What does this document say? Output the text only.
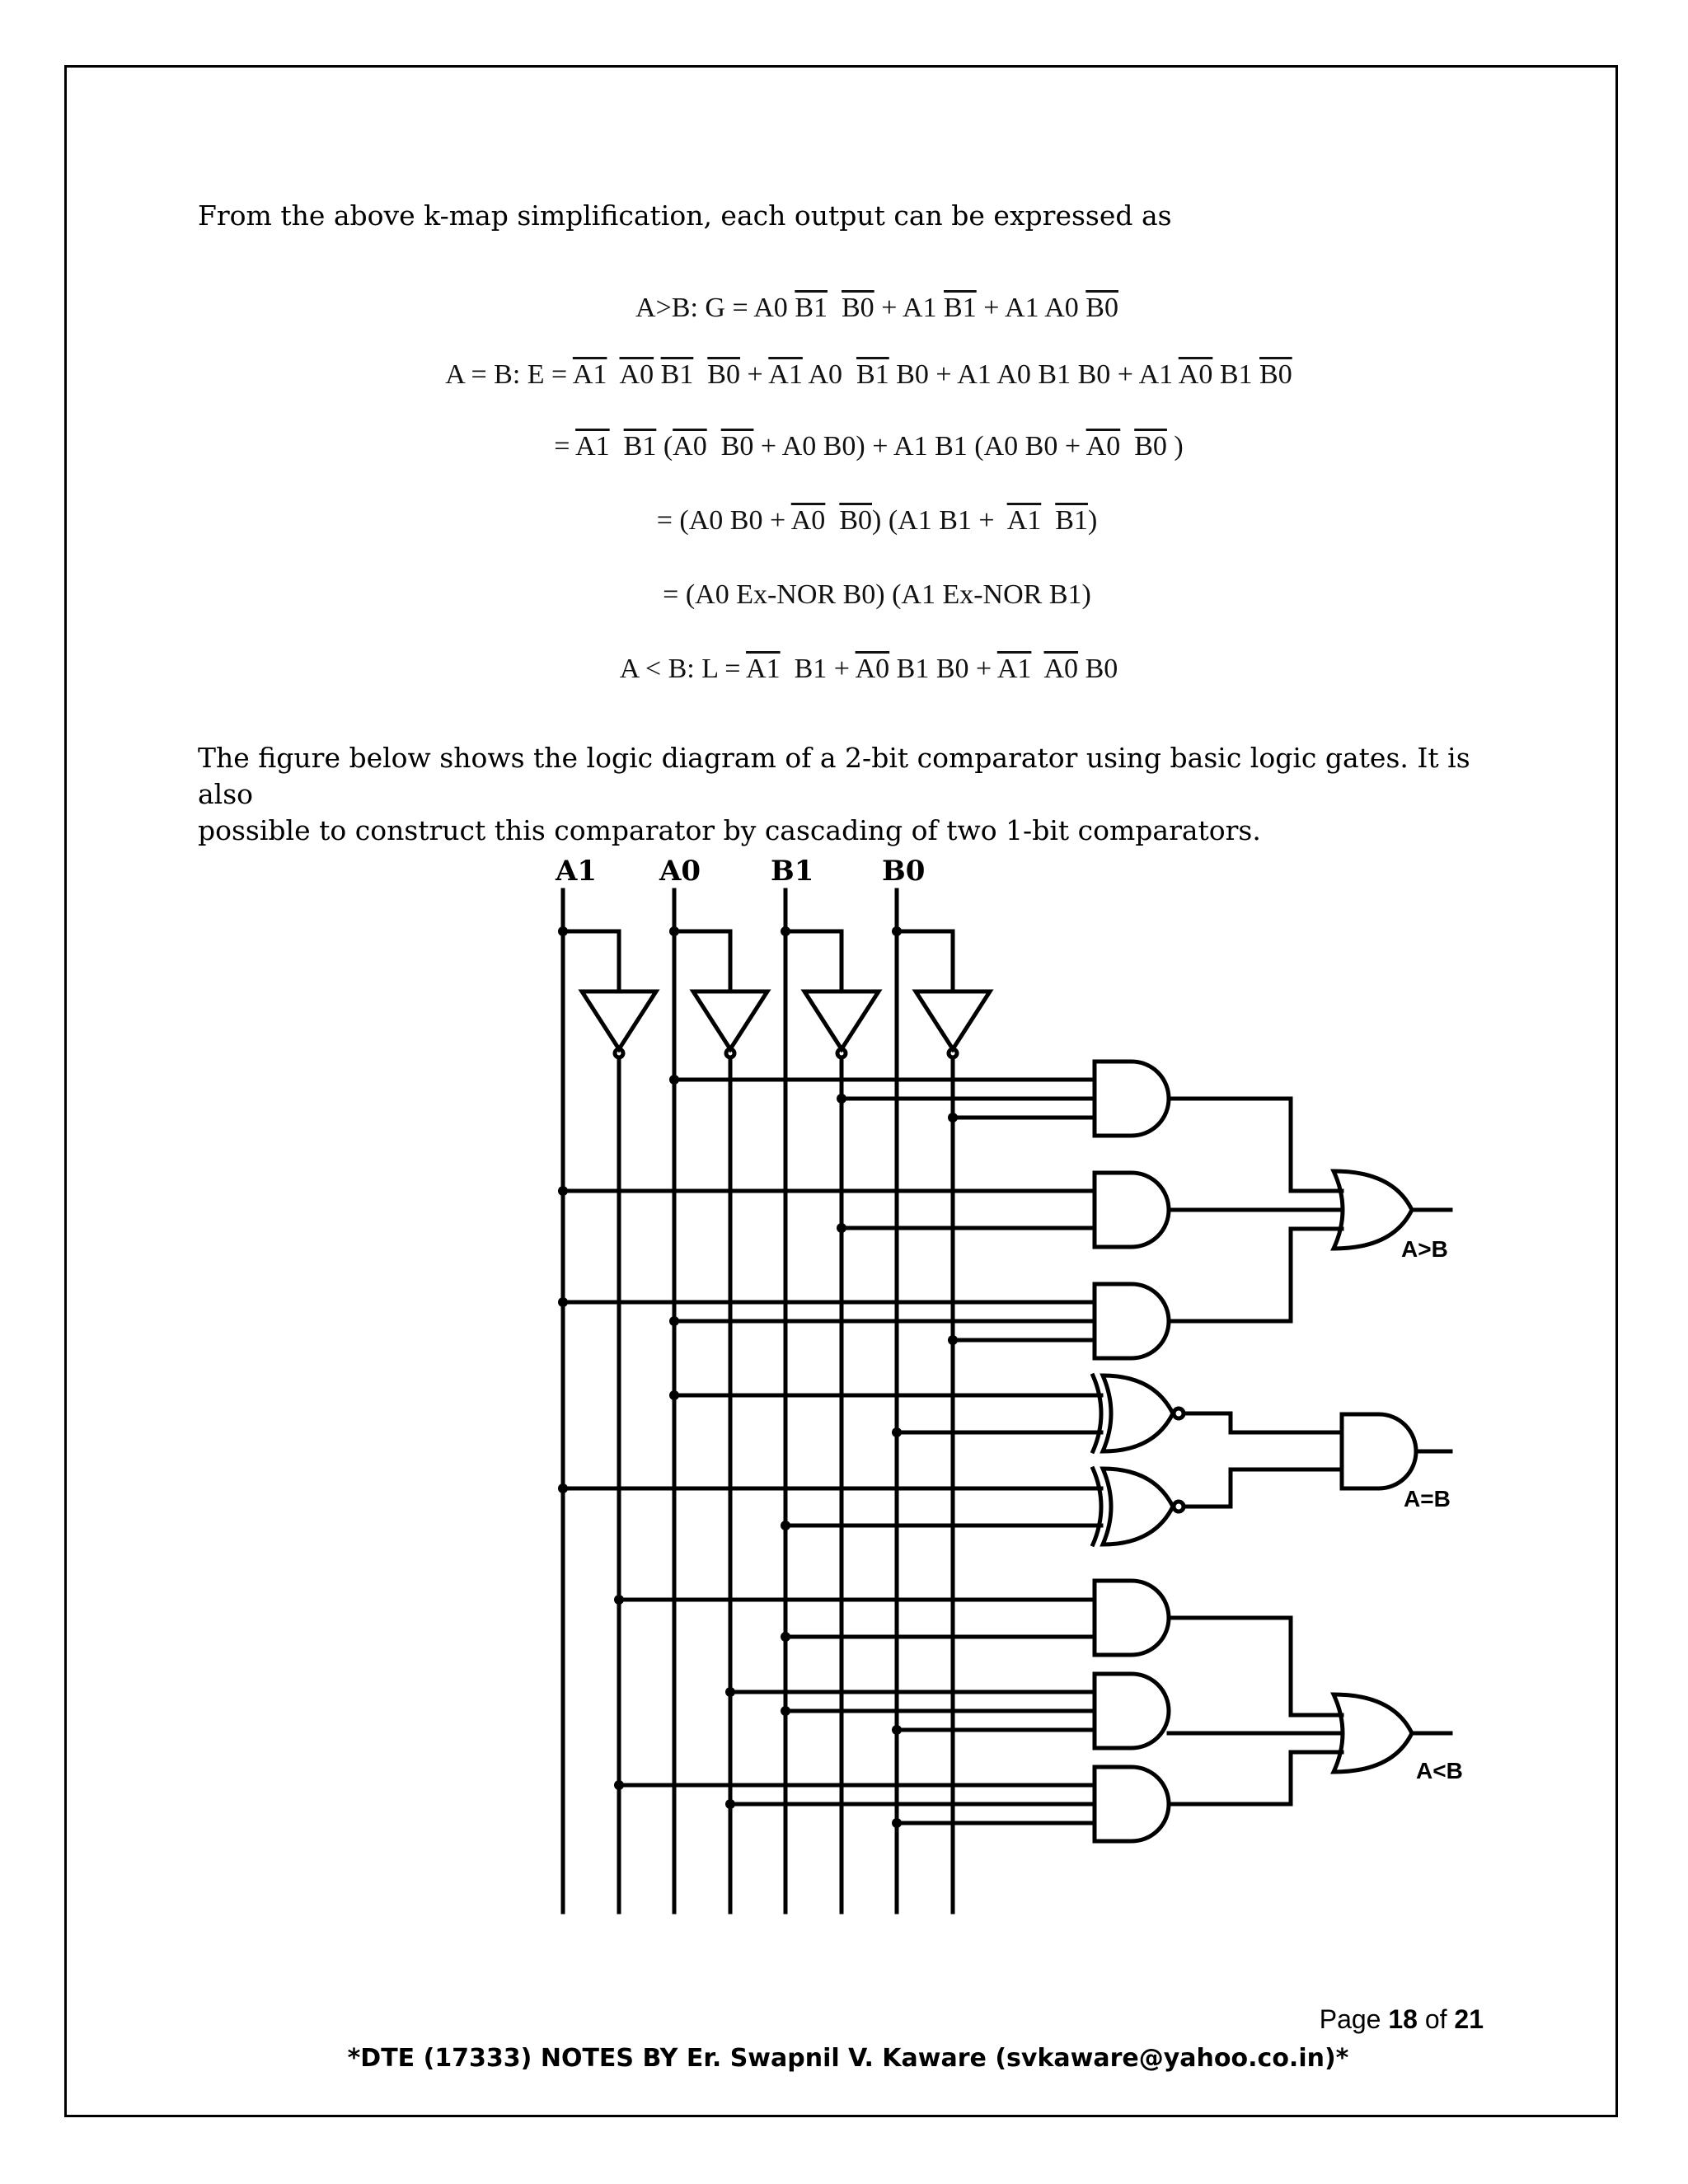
From the above k-map simplification, each output can be expressed as
A>B: G = A0 B1 B0 + A1 B1 + A1 A0 B0
A = B: E = A1 A0 B1 B0 + A1 A0  B1 B0 + A1 A0 B1 B0 + A1 A0 B1 B0
= A1 B1 (A0 B0 + A0 B0) + A1 B1 (A0 B0 + A0 B0 )
= (A0 B0 + A0 B0) (A1 B1 +  A1 B1)
= (A0 Ex-NOR B0) (A1 Ex-NOR B1)
A < B: L = A1  B1 + A0 B1 B0 + A1 A0 B0
The figure below shows the logic diagram of a 2-bit comparator using basic logic gates. It is also
possible to construct this comparator by cascading of two 1-bit comparators.
A1 A0 B1 B0
A>B
A=B
A<B
Page 18 of 21
*DTE (17333) NOTES BY Er. Swapnil V. Kaware (svkaware@yahoo.co.in)*
